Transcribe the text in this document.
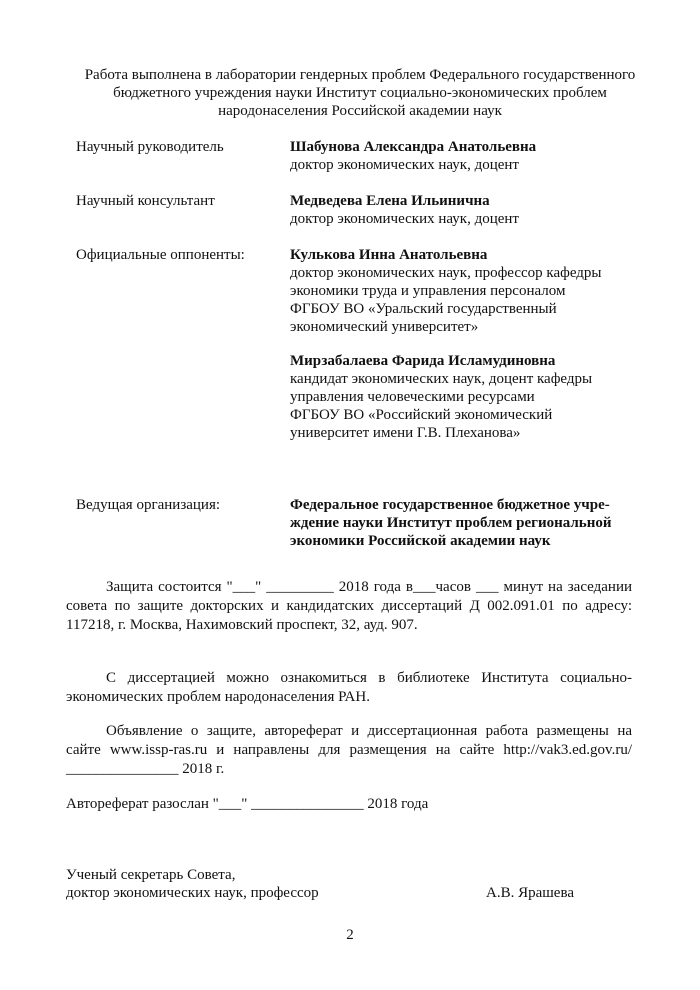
Работа выполнена в лаборатории гендерных проблем Федерального государственного
бюджетного учреждения науки Институт социально-экономических проблем
народонаселения Российской академии наук
Научный руководитель	Шабунова Александра Анатольевна
доктор экономических наук, доцент
Научный консультант	Медведева Елена Ильинична
доктор экономических наук, доцент
Официальные оппоненты:	Кулькова Инна Анатольевна
доктор экономических наук, профессор кафедры
экономики труда и управления персоналом
ФГБОУ ВО «Уральский государственный
экономический университет»
Мирзабалаева Фарида Исламудиновна
кандидат экономических наук, доцент кафедры
управления человеческими ресурсами
ФГБОУ ВО «Российский экономический
университет имени Г.В. Плеханова»
Ведущая организация:	Федеральное государственное бюджетное учре-
ждение науки Институт проблем региональной
экономики Российской академии наук
Защита состоится "___" _________ 2018 года в___часов ___ минут на заседании
совета по защите докторских и кандидатских диссертаций Д 002.091.01 по адресу:
117218, г. Москва, Нахимовский проспект, 32, ауд. 907.
С диссертацией можно ознакомиться в библиотеке Института социально-
экономических проблем народонаселения РАН.
Объявление о защите, автореферат и диссертационная работа размещены на
сайте www.issp-ras.ru и направлены для размещения на сайте http://vak3.ed.gov.ru/
_______________ 2018 г.
Автореферат разослан "___" _______________ 2018 года
Ученый секретарь Совета,
доктор экономических наук, профессор	А.В. Ярашева
2
